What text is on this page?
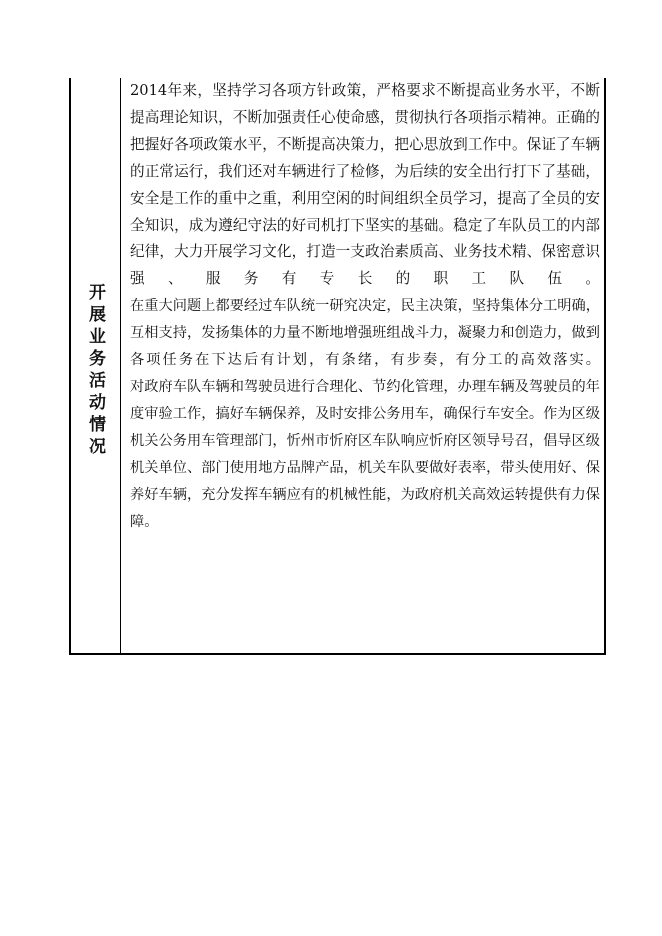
开展业务活动情况

2014年来，坚持学习各项方针政策，严格要求不断提高业务水平，不断提高理论知识，不断加强责任心使命感，贯彻执行各项指示精神。正确的把握好各项政策水平，不断提高决策力，把心思放到工作中。保证了车辆的正常运行，我们还对车辆进行了检修，为后续的安全出行打下了基础，安全是工作的重中之重，利用空闲的时间组织全员学习，提高了全员的安全知识，成为遵纪守法的好司机打下坚实的基础。稳定了车队员工的内部纪律，大力开展学习文化，打造一支政治素质高、业务技术精、保密意识强、服务有专长的职工队伍。

在重大问题上都要经过车队统一研究决定，民主决策，坚持集体分工明确，互相支持，发扬集体的力量不断地增强班组战斗力，凝聚力和创造力，做到各项任务在下达后有计划，有条绪，有步奏，有分工的高效落实。

对政府车队车辆和驾驶员进行合理化、节约化管理，办理车辆及驾驶员的年度审验工作，搞好车辆保养，及时安排公务用车，确保行车安全。作为区级机关公务用车管理部门，忻州市忻府区车队响应忻府区领导号召，倡导区级机关单位、部门使用地方品牌产品，机关车队要做好表率，带头使用好、保养好车辆，充分发挥车辆应有的机械性能，为政府机关高效运转提供有力保障。
